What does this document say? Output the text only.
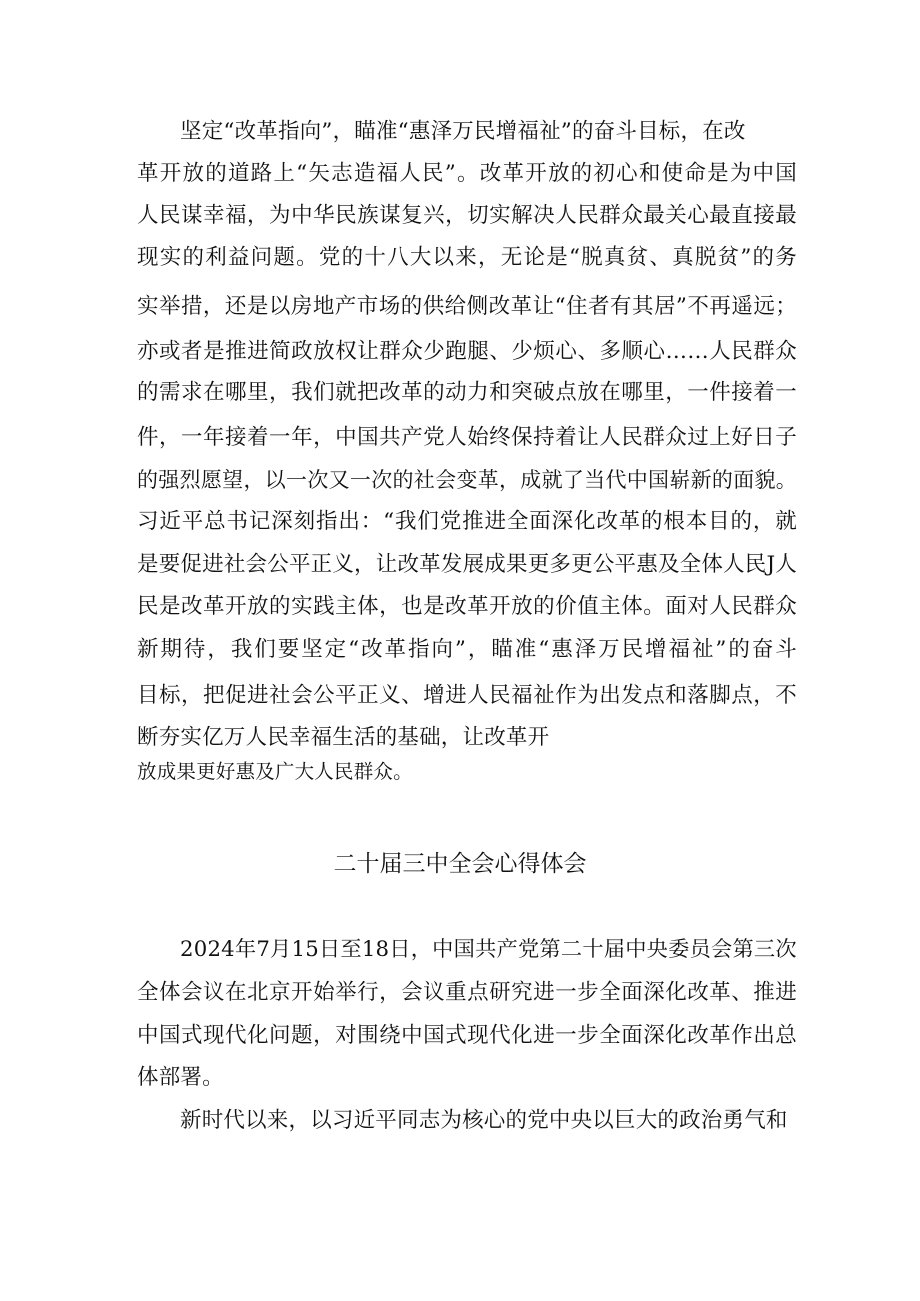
坚定“改革指向”，瞄准“惠泽万民增福祉”的奋斗目标，在改
革开放的道路上“矢志造福人民”。改革开放的初心和使命是为中国
人民谋幸福，为中华民族谋复兴，切实解决人民群众最关心最直接最
现实的利益问题。党的十八大以来，无论是“脱真贫、真脱贫”的务
实举措，还是以房地产市场的供给侧改革让“住者有其居”不再遥远；
亦或者是推进简政放权让群众少跑腿、少烦心、多顺心……人民群众
的需求在哪里，我们就把改革的动力和突破点放在哪里，一件接着一
件，一年接着一年，中国共产党人始终保持着让人民群众过上好日子
的强烈愿望，以一次又一次的社会变革，成就了当代中国崭新的面貌。
习近平总书记深刻指出：“我们党推进全面深化改革的根本目的，就
是要促进社会公平正义，让改革发展成果更多更公平惠及全体人民J人
民是改革开放的实践主体，也是改革开放的价值主体。面对人民群众
新期待，我们要坚定“改革指向”，瞄准“惠泽万民增福祉”的奋斗
目标，把促进社会公平正义、增进人民福祉作为出发点和落脚点，不
断夯实亿万人民幸福生活的基础，让改革开
放成果更好惠及广大人民群众。
二十届三中全会心得体会
2024年7月15日至18日，中国共产党第二十届中央委员会第三次
全体会议在北京开始举行，会议重点研究进一步全面深化改革、推进
中国式现代化问题，对围绕中国式现代化进一步全面深化改革作出总
体部署。
新时代以来，以习近平同志为核心的党中央以巨大的政治勇气和
